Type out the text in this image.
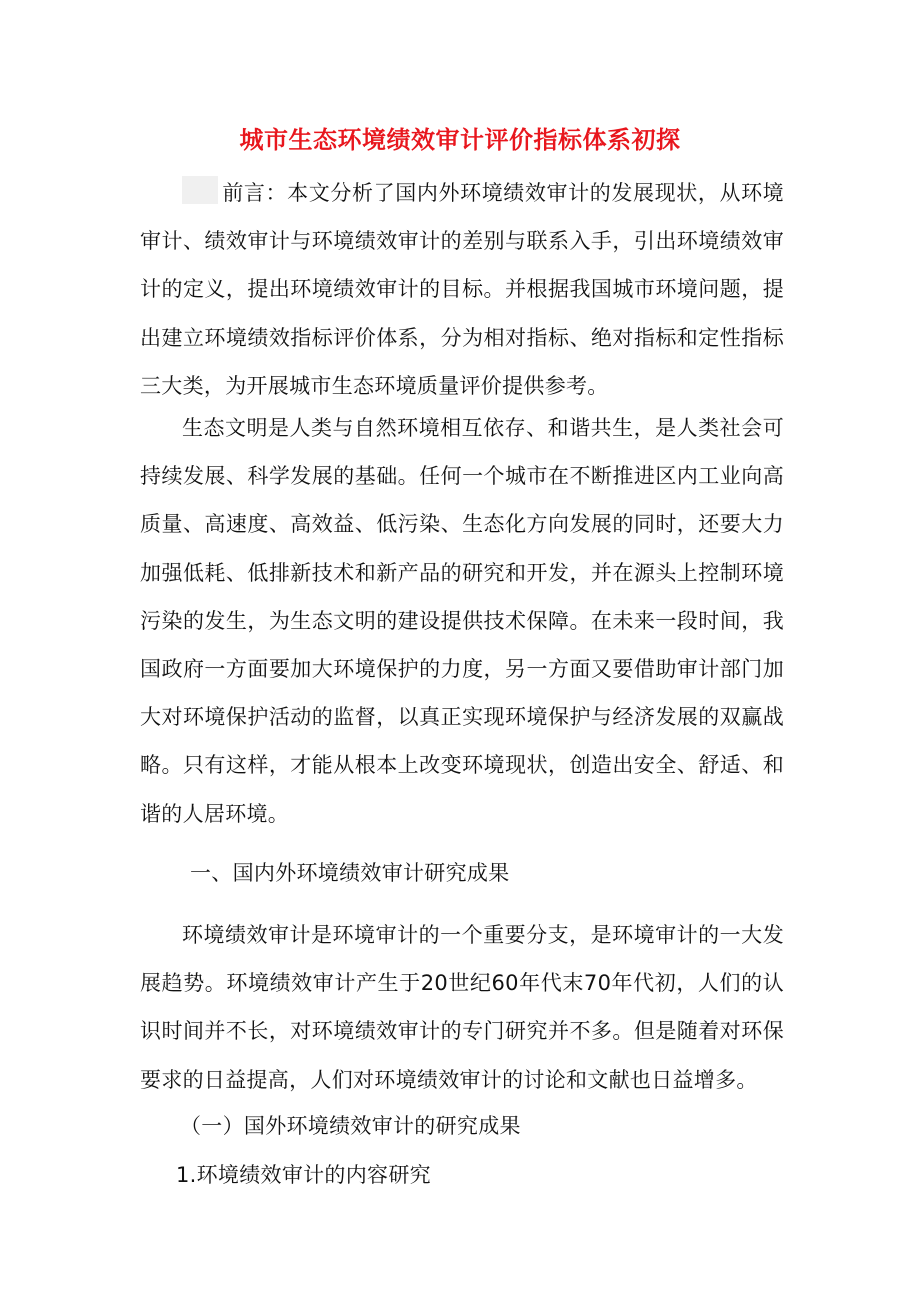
城市生态环境绩效审计评价指标体系初探
前言：本文分析了国内外环境绩效审计的发展现状，从环境审计、绩效审计与环境绩效审计的差别与联系入手，引出环境绩效审计的定义，提出环境绩效审计的目标。并根据我国城市环境问题，提出建立环境绩效指标评价体系，分为相对指标、绝对指标和定性指标三大类，为开展城市生态环境质量评价提供参考。
生态文明是人类与自然环境相互依存、和谐共生，是人类社会可持续发展、科学发展的基础。任何一个城市在不断推进区内工业向高质量、高速度、高效益、低污染、生态化方向发展的同时，还要大力加强低耗、低排新技术和新产品的研究和开发，并在源头上控制环境污染的发生，为生态文明的建设提供技术保障。在未来一段时间，我国政府一方面要加大环境保护的力度，另一方面又要借助审计部门加大对环境保护活动的监督，以真正实现环境保护与经济发展的双赢战略。只有这样，才能从根本上改变环境现状，创造出安全、舒适、和谐的人居环境。
一、国内外环境绩效审计研究成果
环境绩效审计是环境审计的一个重要分支，是环境审计的一大发展趋势。环境绩效审计产生于20世纪60年代末70年代初，人们的认识时间并不长，对环境绩效审计的专门研究并不多。但是随着对环保要求的日益提高，人们对环境绩效审计的讨论和文献也日益增多。
（一）国外环境绩效审计的研究成果
1.环境绩效审计的内容研究
